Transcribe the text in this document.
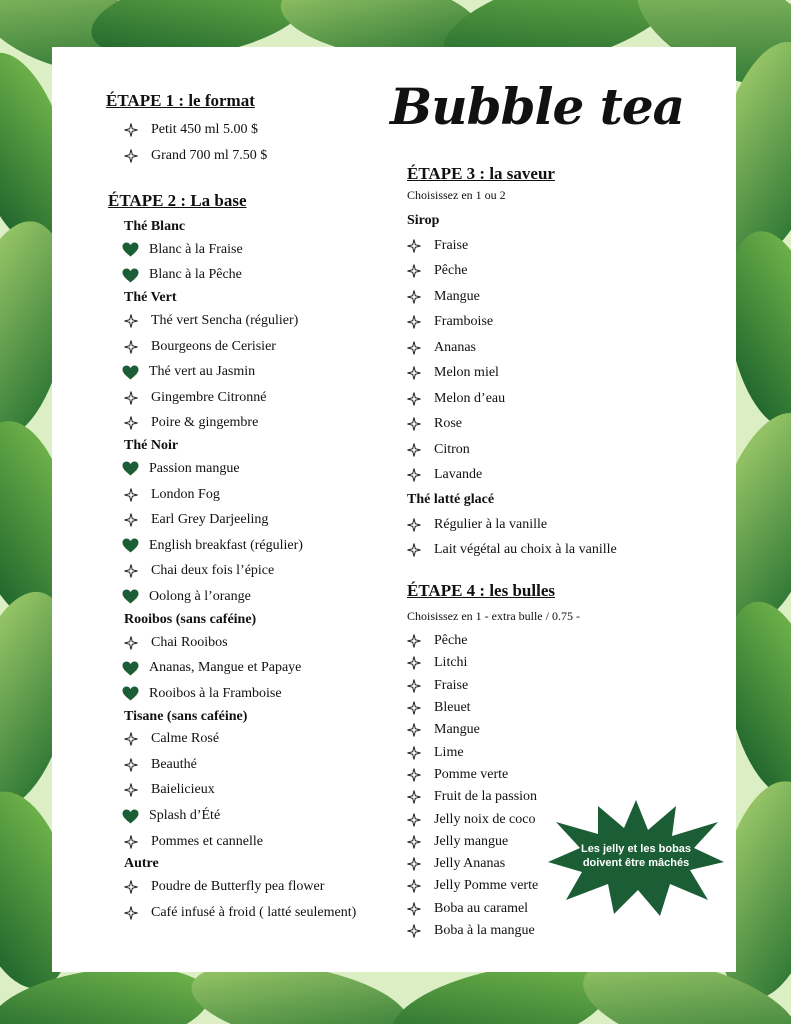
ÉTAPE 1 : le format
Petit 450 ml 5.00 $
Grand 700 ml 7.50 $
ÉTAPE 2 : La base
Thé Blanc
Blanc à la Fraise
Blanc à la Pêche
Thé Vert
Thé vert Sencha (régulier)
Bourgeons de Cerisier
Thé vert au Jasmin
Gingembre Citronné
Poire & gingembre
Thé Noir
Passion mangue
London Fog
Earl Grey Darjeeling
English breakfast (régulier)
Chai deux fois l’épice
Oolong à l’orange
Rooibos (sans caféine)
Chai Rooibos
Ananas, Mangue et Papaye
Rooibos à la Framboise
Tisane (sans caféine)
Calme Rosé
Beauthé
Baielicieux
Splash d’Été
Pommes et cannelle
Autre
Poudre de Butterfly pea flower
Café infusé à froid ( latté seulement)
Bubble tea
ÉTAPE 3 : la saveur
Choisissez en 1 ou 2
Sirop
Fraise
Pêche
Mangue
Framboise
Ananas
Melon miel
Melon d’eau
Rose
Citron
Lavande
Thé latté glacé
Régulier à la vanille
Lait végétal au choix à la vanille
ÉTAPE 4 : les bulles
Choisissez en 1 - extra bulle / 0.75 -
Pêche
Litchi
Fraise
Bleuet
Mangue
Lime
Pomme verte
Fruit de la passion
Jelly noix de coco
Jelly mangue
Jelly Ananas
Jelly Pomme verte
Boba au caramel
Boba à la mangue
Les jelly et les bobas
doivent être mâchés
